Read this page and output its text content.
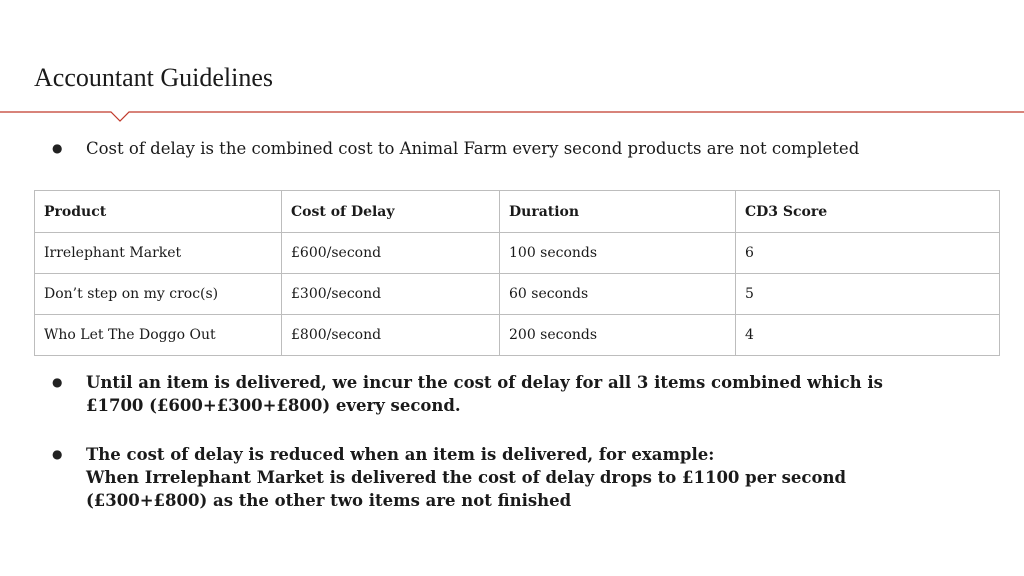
Accountant Guidelines
●	Cost of delay is the combined cost to Animal Farm every second products are not completed
Product	Cost of Delay	Duration	CD3 Score
Irrelephant Market	£600/second	100 seconds	6
Don’t step on my croc(s)	£300/second	60 seconds	5
Who Let The Doggo Out	£800/second	200 seconds	4
●	Until an item is delivered, we incur the cost of delay for all 3 items combined which is
£1700 (£600+£300+£800) every second.
●	The cost of delay is reduced when an item is delivered, for example:
When Irrelephant Market is delivered the cost of delay drops to £1100 per second
(£300+£800) as the other two items are not finished
